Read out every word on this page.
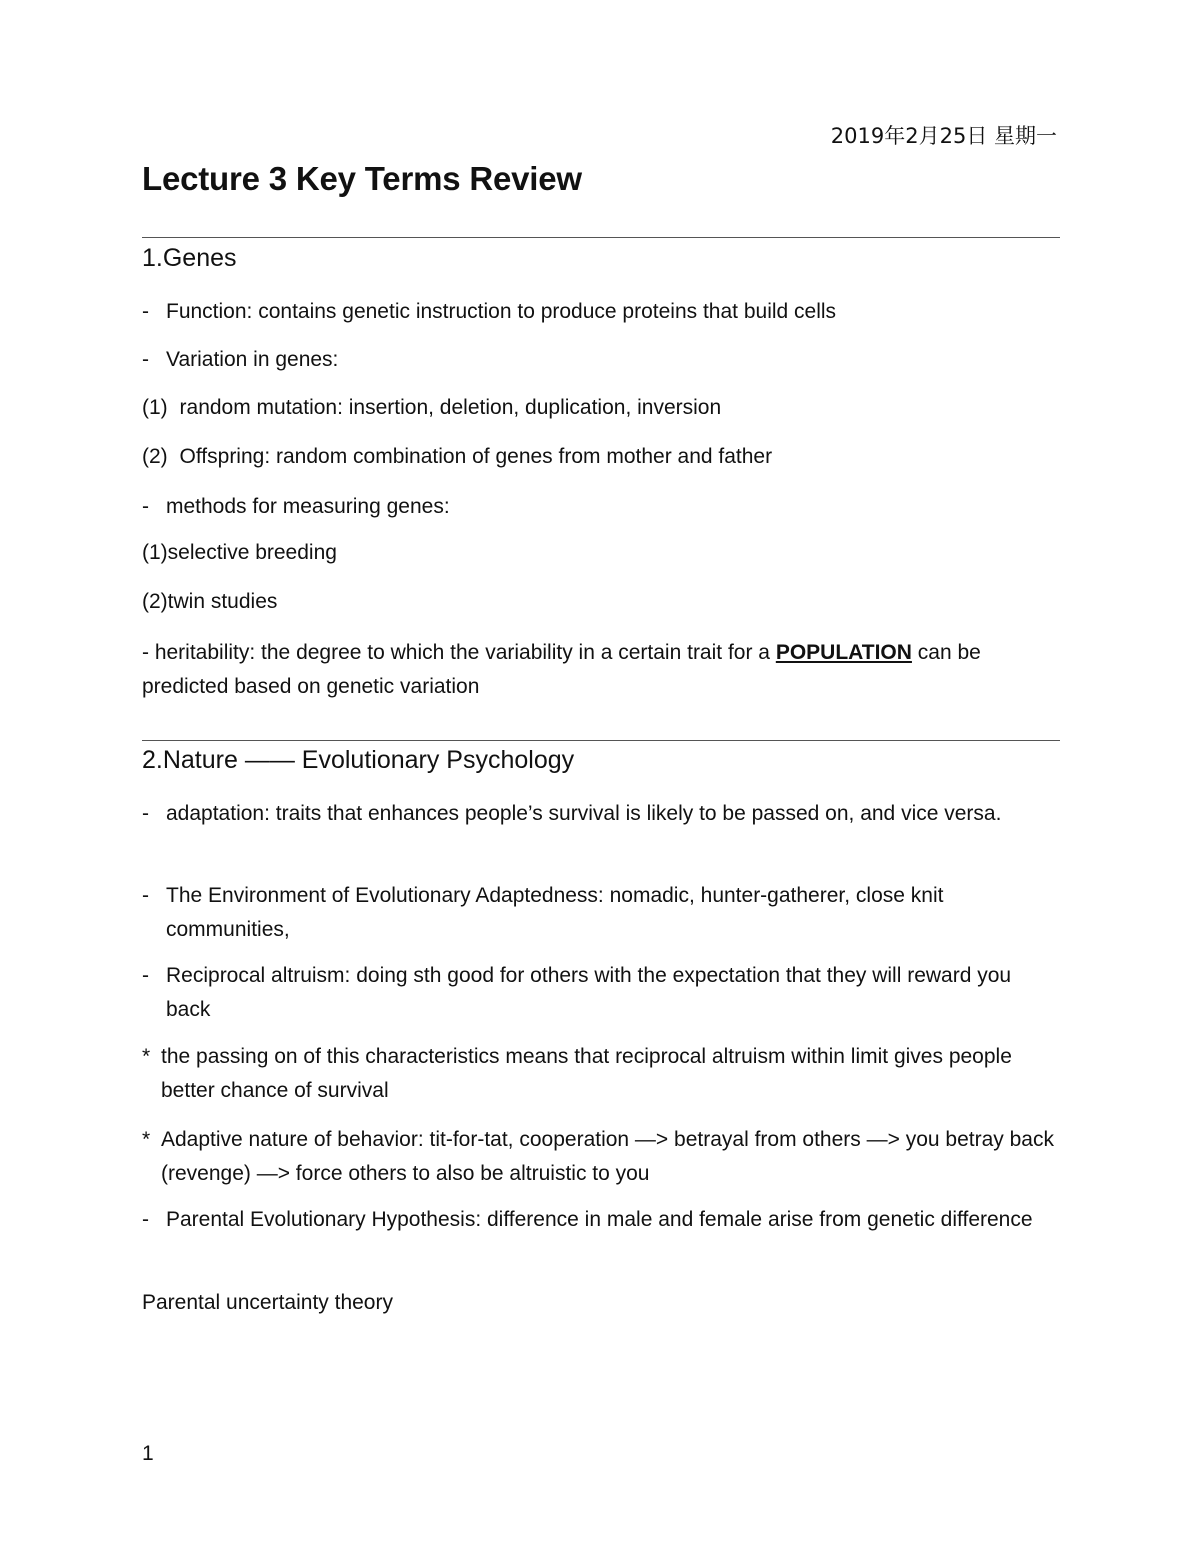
2019年2月25日 星期一
Lecture 3 Key Terms Review
1.Genes
- Function: contains genetic instruction to produce proteins that build cells
- Variation in genes:
(1) random mutation: insertion, deletion, duplication, inversion
(2) Offspring: random combination of genes from mother and father
- methods for measuring genes:
(1)selective breeding
(2)twin studies
- heritability: the degree to which the variability in a certain trait for a POPULATION can be predicted based on genetic variation
2.Nature —— Evolutionary Psychology
- adaptation: traits that enhances people’s survival is likely to be passed on, and vice versa.
- The Environment of Evolutionary Adaptedness: nomadic, hunter-gatherer, close knit communities,
- Reciprocal altruism: doing sth good for others with the expectation that they will reward you back
* the passing on of this characteristics means that reciprocal altruism within limit gives people better chance of survival
* Adaptive nature of behavior: tit-for-tat, cooperation —> betrayal from others —> you betray back (revenge) —> force others to also be altruistic to you
- Parental Evolutionary Hypothesis: difference in male and female arise from genetic difference
Parental uncertainty theory
1
